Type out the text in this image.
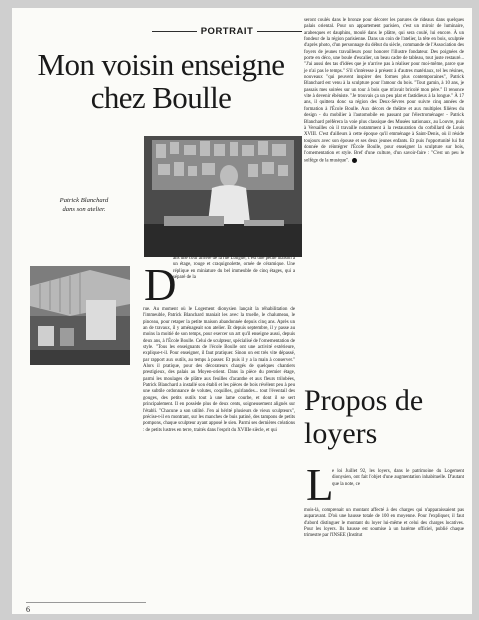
PORTRAIT
Mon voisin enseigne chez Boulle
Patrick Blanchard
dans son atelier.
D

ans une cour arrière de la rue Longué, c'est une petite maison à un étage, rouge et craquignolette, ornée de céramique. Une réplique en miniature du bel immeuble de cinq étages, qui a séparé de la

rue. Au moment où le Logement dionysien lançait la réhabilitation de l'immeuble, Patrick Blanchard maniait les avec la truelle, le chalumeau, le pinceau, pour retaper la petite maison abandonnée depuis cinq ans. Après un an de travaux, il y aménageait son atelier. Et depuis septembre, il y passe au moins la moitié de son temps, pour exercer un art qu'il enseigne aussi, depuis deux ans, à l'École Boulle. Celui de sculpteur, spécialisé de l'ornementation de style. "Tous les enseignants de l'école Boulle ont une activité extérieure, explique-t-il. Pour enseigner, il faut pratiquer. Sinon on est très vite dépassé, par rapport aux outils, au temps à passer. Et puis il y a la main à conserver." Alors il pratique, pour des décorateurs chargés de quelques chantiers prestigieux, des palais au Moyen-orient. Dans la pièce du premier étage, parmi les moulages de plâtre aux feuilles d'acanthe et aux fleurs trilobées, Patrick Blanchard a installé son établi et les pièces de bois révèlent peu à peu une subtile ordonnance de volutes, coquilles, guirlandes... tout l'éventail des gouges, des petits outils tout à une lame courbe, et dont il se sert principalement. Il en possède plus de deux cents, soigneusement alignés sur l'établi. "Chacune a son utilité. J'en ai hérité plusieurs de vieux sculpteurs", précise-t-il en montrant, sur les manches de buis patiné, des tampons de petits pompons, chaque sculpteur ayant apposé le sien. Parmi ses dernières créations : de petits lustres en terre, traités dans l'esprit du XVIIIe siècle, et qui

seront coulés dans le bronze pour décorer les parures de rideaux dans quelques palais oriental. Pour un appartement parisien, c'est un miroir de luminaire, arabesques et dauphins, moulé dans le plâtre, qui sera coulé, lui encore. À un fondeur de la région parisienne. Dans un coin de l'atelier, la tête en bois, sculptée d'après photo, d'un personnage du début du siècle, commande de l'Association des foyers de jeunes travailleurs pour honorer l'illustre fondateur. Des poignées de porte en déco, une boule d'escalier, un beau cadre de tableau, tout juste restauré... "J'ai aussi des tas d'idées que je n'arrive pas à réaliser pour moi-même, parce que je n'ai pas le temps." S'il s'intéresse à présent à d'autres matériaux, tel les résines, nouveaux "qui peuvent inspirer des formes plus contemporaines", Patrick Blanchard est venu à la sculpture pour l'amour du bois. "Tout gamin, à 10 ans, je passais mes soirées sur un tour à bois que m'avait bricolé mon père." Il renonce vite à devenir ébéniste. "Je trouvais ça un peu plat et fastidieux à la longue." À 17 ans, il quittera donc sa région des Deux-Sèvres pour suivre cinq années de formation à l'École Boulle. Aux décors de théâtre et aux multiples filières du design - du mobilier à l'automobile en passant par l'électroménager - Patrick Blanchard préférera la voie plus classique des Musées nationaux, au Louvre, puis à Versailles où il travaille notamment à la restauration du corbillard de Louis XVIII. C'est d'ailleurs à cette époque qu'il emménage à Saint-Denis, où il réside toujours avec son épouse et ses deux jeunes enfants. Et puis l'opportunité lui fut donnée de réintégrer l'École Boulle, pour enseigner la sculpture sur bois, l'ornementation et style. Bref d'une culture, d'un savoir-faire : "C'est un peu le solfège de la musique".

Propos de loyers
L

e loi Juillet 92, les loyers, dans le patrimoine du Logement dionysien, ont fait l'objet d'une augmentation inhabituelle. D'autant que la note, ce

mois-là, comprenait un montant affecté à des charges qui n'apparaissaient pas auparavant. D'où une hausse totale de 100 en moyenne. Pour l'expliquer, il faut d'abord distinguer le montant du loyer lui-même et celui des charges locatives. Pour les loyers. Ils hausse est soumise à un barème officiel, publié chaque trimestre par l'INSEE (Institut

6
